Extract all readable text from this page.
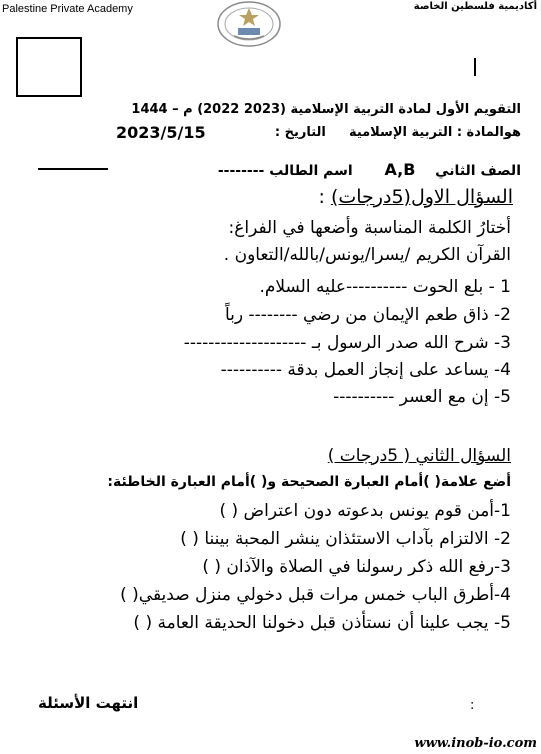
Palestine Private Academy	أكاديمية فلسطين الخاصة
التقويم الأول لمادة التربية الإسلامية (2023 2022) م – 1444
هوالمادة : التربية الإسلامية  التاريخ :
2023/5/15
الصف الثاني  A,B  اسم الطالب --------
السؤال الاول(5درجات) :
أختارُ الكلمة المناسبة وأضعها في الفراغ:
القرآن الكريم /يسرا/يونس/بالله/التعاون .
1 - بلع الحوت ----------عليه السلام.
2- ذاق طعم الإيمان من رضي -------- رباً
3- شرح الله صدر الرسول بـ --------------------
4- يساعد على إنجاز العمل بدقة ----------
5- إن مع العسر ----------
السؤال الثاني ( 5درجات )
أضع علامة( )أمام العبارة الصحيحة و( )أمام العبارة الخاطئة:
1-أمن قوم يونس بدعوته دون اعتراض ( )
2- الالتزام بآداب الاستئذان ينشر المحبة بيننا ( )
3-رفع الله ذكر رسولنا في الصلاة والآذان ( )
4-أطرق الباب خمس مرات قبل دخولي منزل صديقي( )
5- يجب علينا أن نستأذن قبل دخولنا الحديقة العامة ( )
انتهت الأسئلة	:
www.inob-io.com
